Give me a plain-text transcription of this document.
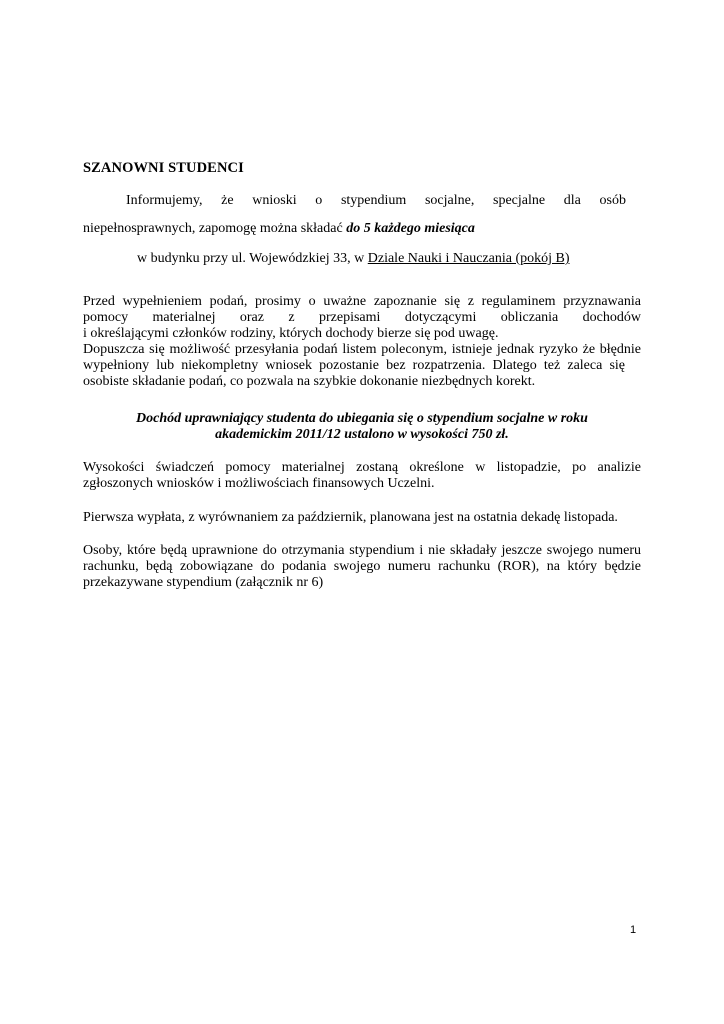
SZANOWNI STUDENCI
Informujemy, że wnioski o stypendium socjalne, specjalne dla osób
niepełnosprawnych, zapomogę można składać do 5 każdego miesiąca
w budynku przy ul. Wojewódzkiej 33, w Dziale Nauki i Nauczania (pokój B)
Przed wypełnieniem podań, prosimy o uważne zapoznanie się z regulaminem przyznawania
pomocy materialnej oraz z przepisami dotyczącymi obliczania dochodów
i określającymi członków rodziny, których dochody bierze się pod uwagę.
Dopuszcza się możliwość przesyłania podań listem poleconym, istnieje jednak ryzyko że błędnie
wypełniony lub niekompletny wniosek pozostanie bez rozpatrzenia. Dlatego też zaleca się
osobiste składanie podań, co pozwala na szybkie dokonanie niezbędnych korekt.
Dochód uprawniający studenta do ubiegania się o stypendium socjalne w roku
akademickim 2011/12 ustalono w wysokości 750 zł.
Wysokości świadczeń pomocy materialnej zostaną określone w listopadzie, po analizie
zgłoszonych wniosków i możliwościach finansowych Uczelni.
Pierwsza wypłata, z wyrównaniem za październik, planowana jest na ostatnia dekadę listopada.
Osoby, które będą uprawnione do otrzymania stypendium i nie składały jeszcze swojego numeru
rachunku, będą zobowiązane do podania swojego numeru rachunku (ROR), na który będzie
przekazywane stypendium (załącznik nr 6)
1
